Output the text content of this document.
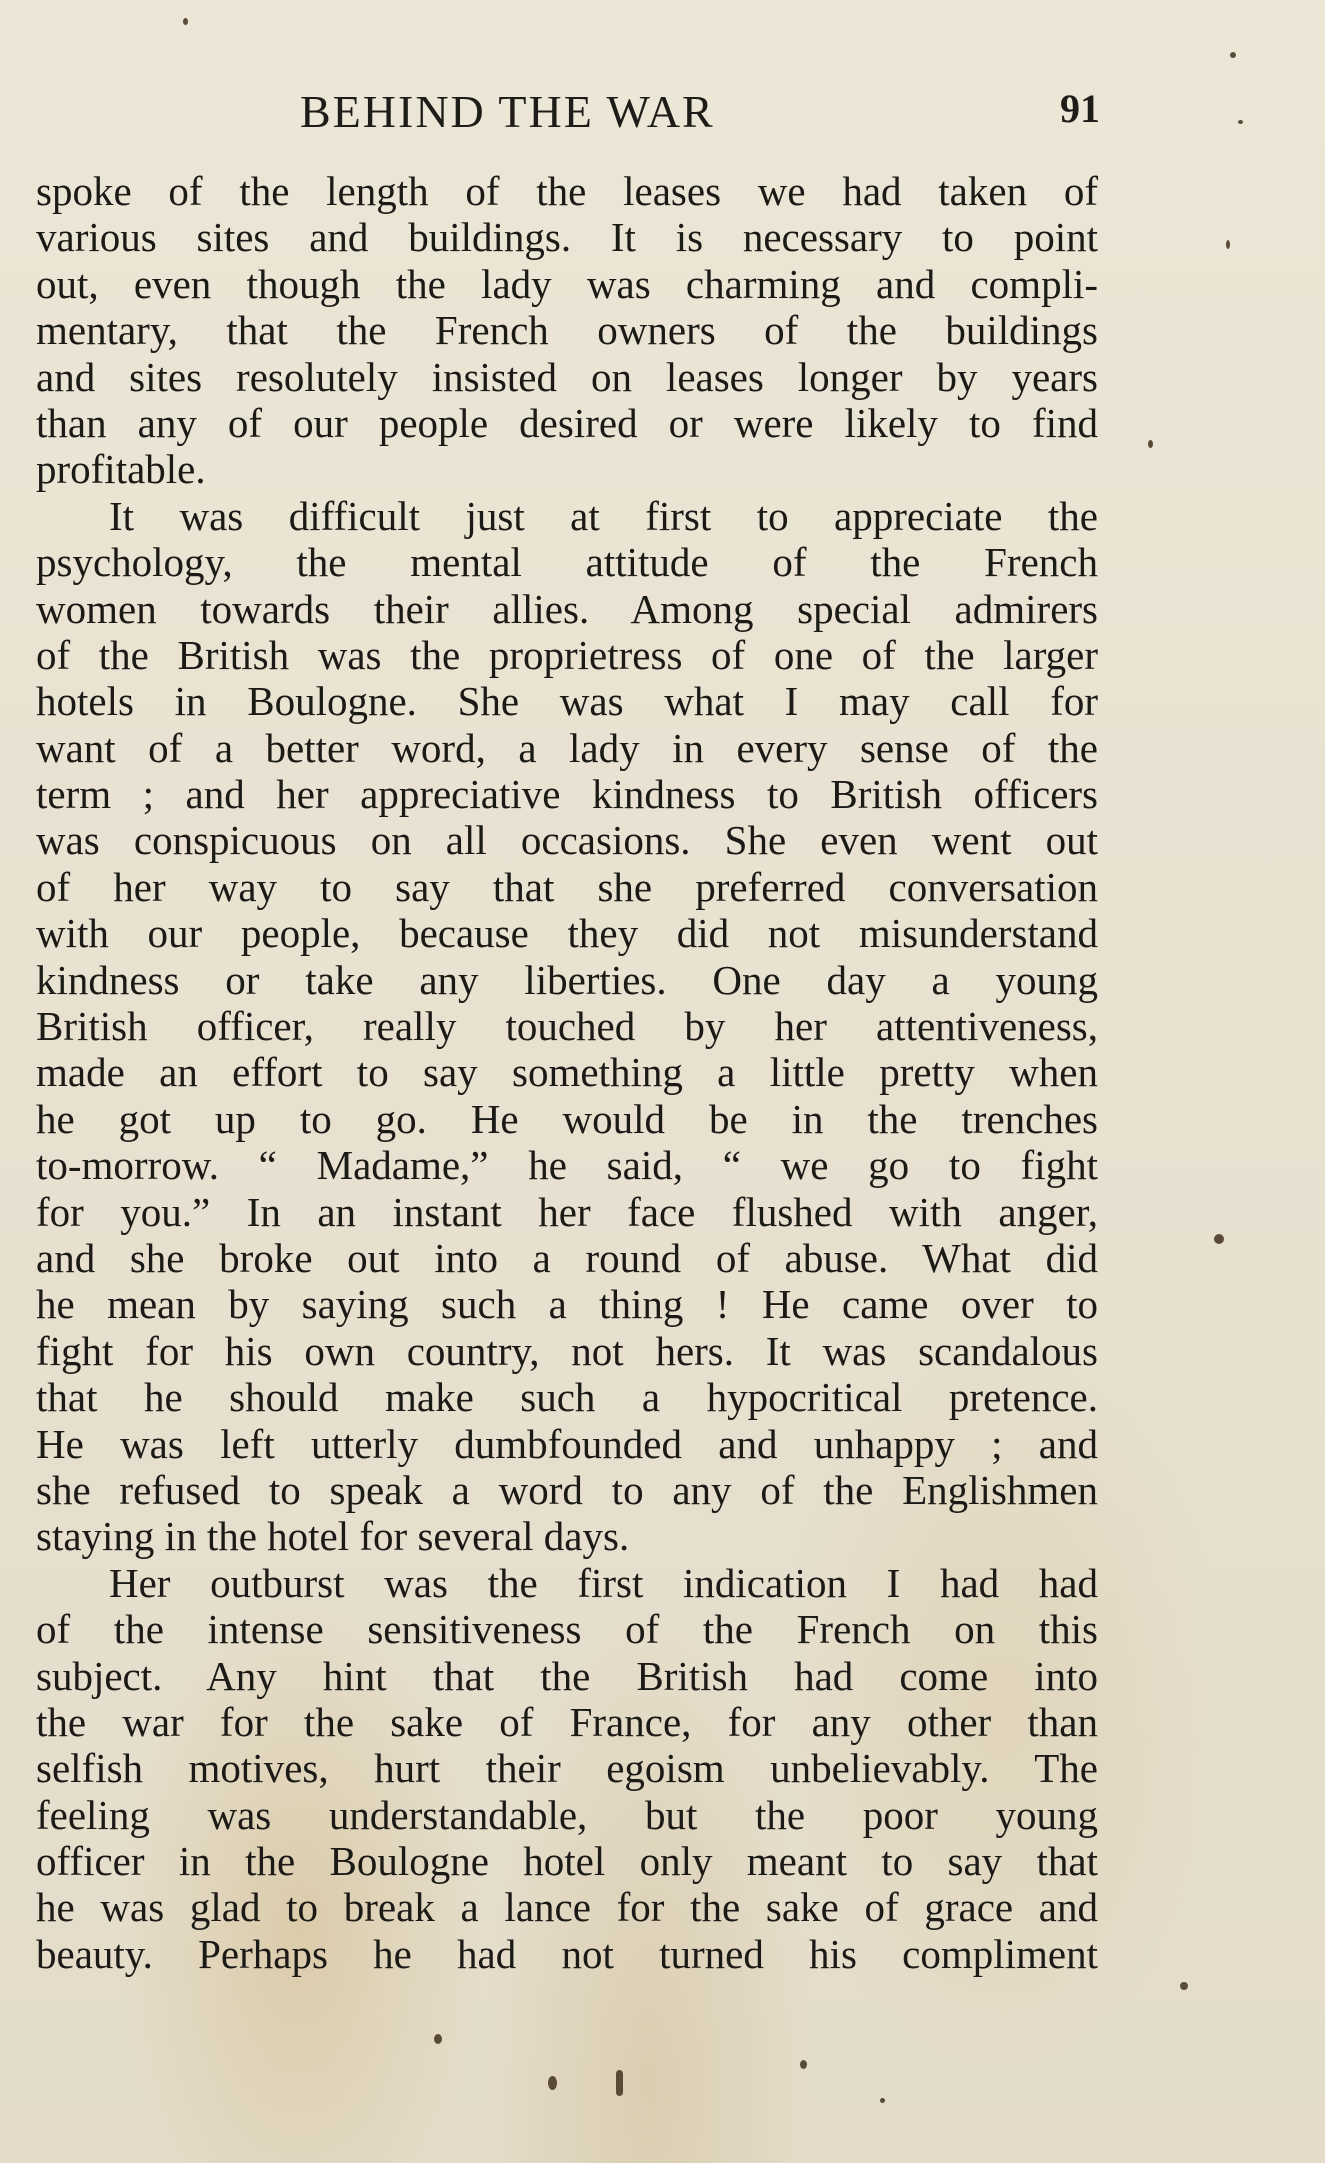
BEHIND THE WAR	91
spoke of the length of the leases we had taken of
various sites and buildings. It is necessary to point
out, even though the lady was charming and compli-
mentary, that the French owners of the buildings
and sites resolutely insisted on leases longer by years
than any of our people desired or were likely to find
profitable.
It was difficult just at first to appreciate the
psychology, the mental attitude of the French
women towards their allies. Among special admirers
of the British was the proprietress of one of the larger
hotels in Boulogne. She was what I may call for
want of a better word, a lady in every sense of the
term ; and her appreciative kindness to British officers
was conspicuous on all occasions. She even went out
of her way to say that she preferred conversation
with our people, because they did not misunderstand
kindness or take any liberties. One day a young
British officer, really touched by her attentiveness,
made an effort to say something a little pretty when
he got up to go. He would be in the trenches
to-morrow. “ Madame,” he said, “ we go to fight
for you.” In an instant her face flushed with anger,
and she broke out into a round of abuse. What did
he mean by saying such a thing ! He came over to
fight for his own country, not hers. It was scandalous
that he should make such a hypocritical pretence.
He was left utterly dumbfounded and unhappy ; and
she refused to speak a word to any of the Englishmen
staying in the hotel for several days.
Her outburst was the first indication I had had
of the intense sensitiveness of the French on this
subject. Any hint that the British had come into
the war for the sake of France, for any other than
selfish motives, hurt their egoism unbelievably. The
feeling was understandable, but the poor young
officer in the Boulogne hotel only meant to say that
he was glad to break a lance for the sake of grace and
beauty. Perhaps he had not turned his compliment
